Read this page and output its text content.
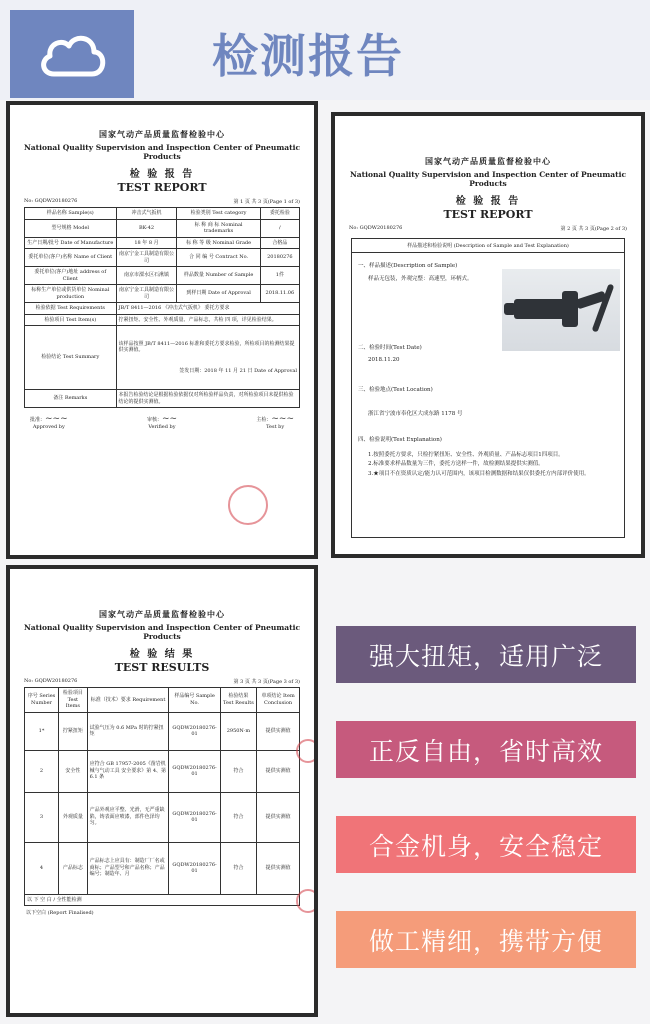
检测报告
国家气动产品质量监督检验中心
National Quality Supervision and Inspection Center of Pneumatic Products
检 验 报 告
TEST REPORT
No: GQDW20180276	第 1 页 共 3 页(Page 1 of 3)
样品名称 Sample(s)	冲击式气扳机	检验类别 Test category	委托检验
型号规格 Model	BK-42	标 称 商 标 Nominal trademarks	/
生产日期/批号 Date of Manufacture	18 年 8 月	标 称 等 级 Nominal Grade	合格品
委托单位(客户)名称 Name of Client	南京宁金工具制造有限公司	合 同 编 号 Contract No.	20180276
委托单位(客户)地址 address of Client	南京市溧水区石湫镇	样品数量 Number of Sample	1件
标称生产单位或供货单位 Nominal production	南京宁金工具制造有限公司	到样日期 Date of Approval	2018.11.06
检验依据 Test Requirements	JB/T 8411—2016 《冲击式气扳机》 委托方要求		
检验项目 Test Item(s)	拧紧扭矩、安全性、外观质量、产品标志，共检 四 项，详见检验结果。		
检验结论 Test Summary	该样品按照 JB/T 8411—2016 标准和委托方要求检验，所检项目的检测结果提供实测值。
签发日期：2018 年 11 月 21 日 Date of Approval		

备注 Remarks	本报告检验结论是根据检验依据仅对所检验样品负责，对所检验项目未提供检验结论的提供实测值。		
批准：~~~
Approved by
审核：~~
Verified by
主检：~~~
Test by
国家气动产品质量监督检验中心
National Quality Supervision and Inspection Center of Pneumatic Products
检 验 报 告
TEST REPORT
No: GQDW20180276	第 2 页 共 3 页(Page 2 of 3)
样品描述和检验说明 (Description of Sample and Test Explanation)
一、样品描述(Description of Sample)
样品无包装，外观完整：高速型，环柄式。
二、检验时间(Test Date)
2018.11.20
三、检验地点(Test Location)
浙江省宁波市奉化区大成东路 1178 号
四、检验说明(Test Explanation)
1.按照委托方要求，只检拧紧扭矩、安全性、外观质量、产品标志项目1四项目。
2.标准要求样品数量为三件，委托方送样一件，故检测结果提供实测值。
3.★项目不在资质认定/能力认可范围内，该项目检测数据和结果仅供委托方内部评价使用。
国家气动产品质量监督检验中心
National Quality Supervision and Inspection Center of Pneumatic Products
检 验 结 果
TEST RESULTS
No: GQDW20180276	第 3 页 共 3 页(Page 3 of 3)
序号 Series Number	检验项目 Test Items	标准（技术）要求 Requirement	样品编号 Sample No.	检验结果 Test Results	单项结论 Item Conclusion
1*	拧紧扭矩	试验气压为 0.6 MPa 时的拧紧扭矩	GQDW20180276-01	2950N·m	提供实测值
2	安全性	应符合 GB 17957-2005《凿岩机械与气动工具 安全要求》第 4、第 6.1 条	GQDW20180276-01	符合	提供实测值
3	外观质量	产品外观应平整、光滑，无严重缺陷，铸表面应喷漆，部件色泽均匀。	GQDW20180276-01	符合	提供实测值
4	产品标志	产品标志上应具有：制造厂厂名或商标；产品型号和产品名称；产品编号；制造年、月	GQDW20180276-01	符合	提供实测值
以 下 空 白 / 全性能检测					
以下空白 (Report Finalised)
强大扭矩，适用广泛
正反自由，省时高效
合金机身，安全稳定
做工精细，携带方便
